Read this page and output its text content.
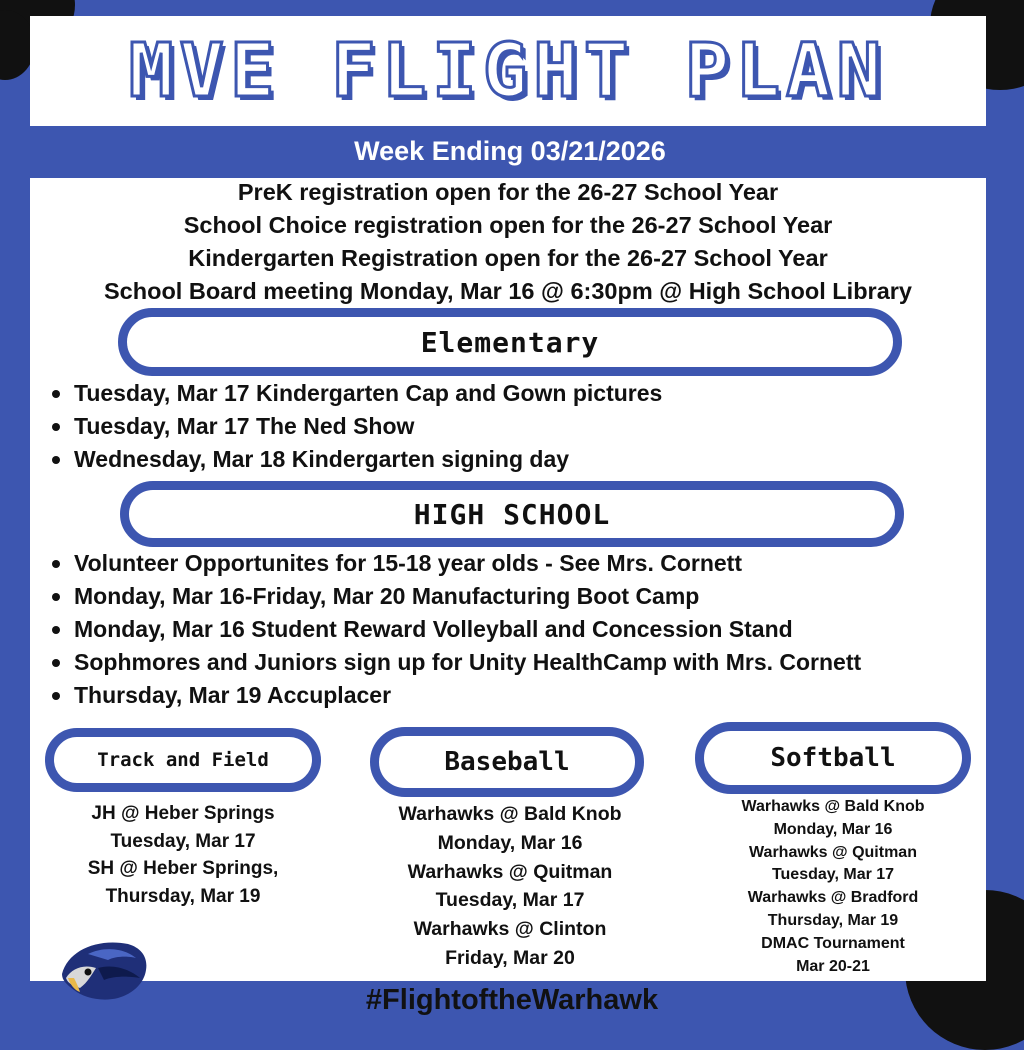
MVE FLIGHT PLAN
Week Ending 03/21/2026
PreK registration open for the 26-27 School Year
School Choice registration open for the 26-27 School Year
Kindergarten Registration open for the 26-27 School Year
School Board meeting Monday, Mar 16 @ 6:30pm @ High School Library
Elementary
Tuesday, Mar 17 Kindergarten Cap and Gown pictures
Tuesday, Mar 17 The Ned Show
Wednesday, Mar 18 Kindergarten signing day
HIGH SCHOOL
Volunteer Opportunites for 15-18 year olds - See Mrs. Cornett
Monday, Mar 16-Friday, Mar 20 Manufacturing Boot Camp
Monday, Mar 16 Student Reward Volleyball and Concession Stand
Sophmores and Juniors sign up for Unity HealthCamp with Mrs. Cornett
Thursday, Mar 19 Accuplacer
Track and Field
JH @ Heber Springs
Tuesday, Mar 17
SH @ Heber Springs,
Thursday, Mar 19
Baseball
Warhawks @ Bald Knob
Monday, Mar 16
Warhawks @ Quitman
Tuesday, Mar 17
Warhawks @ Clinton
Friday, Mar 20
Softball
Warhawks @ Bald Knob
Monday, Mar 16
Warhawks @ Quitman
Tuesday, Mar 17
Warhawks @ Bradford
Thursday, Mar 19
DMAC Tournament
Mar 20-21
#FlightoftheWarhawk
